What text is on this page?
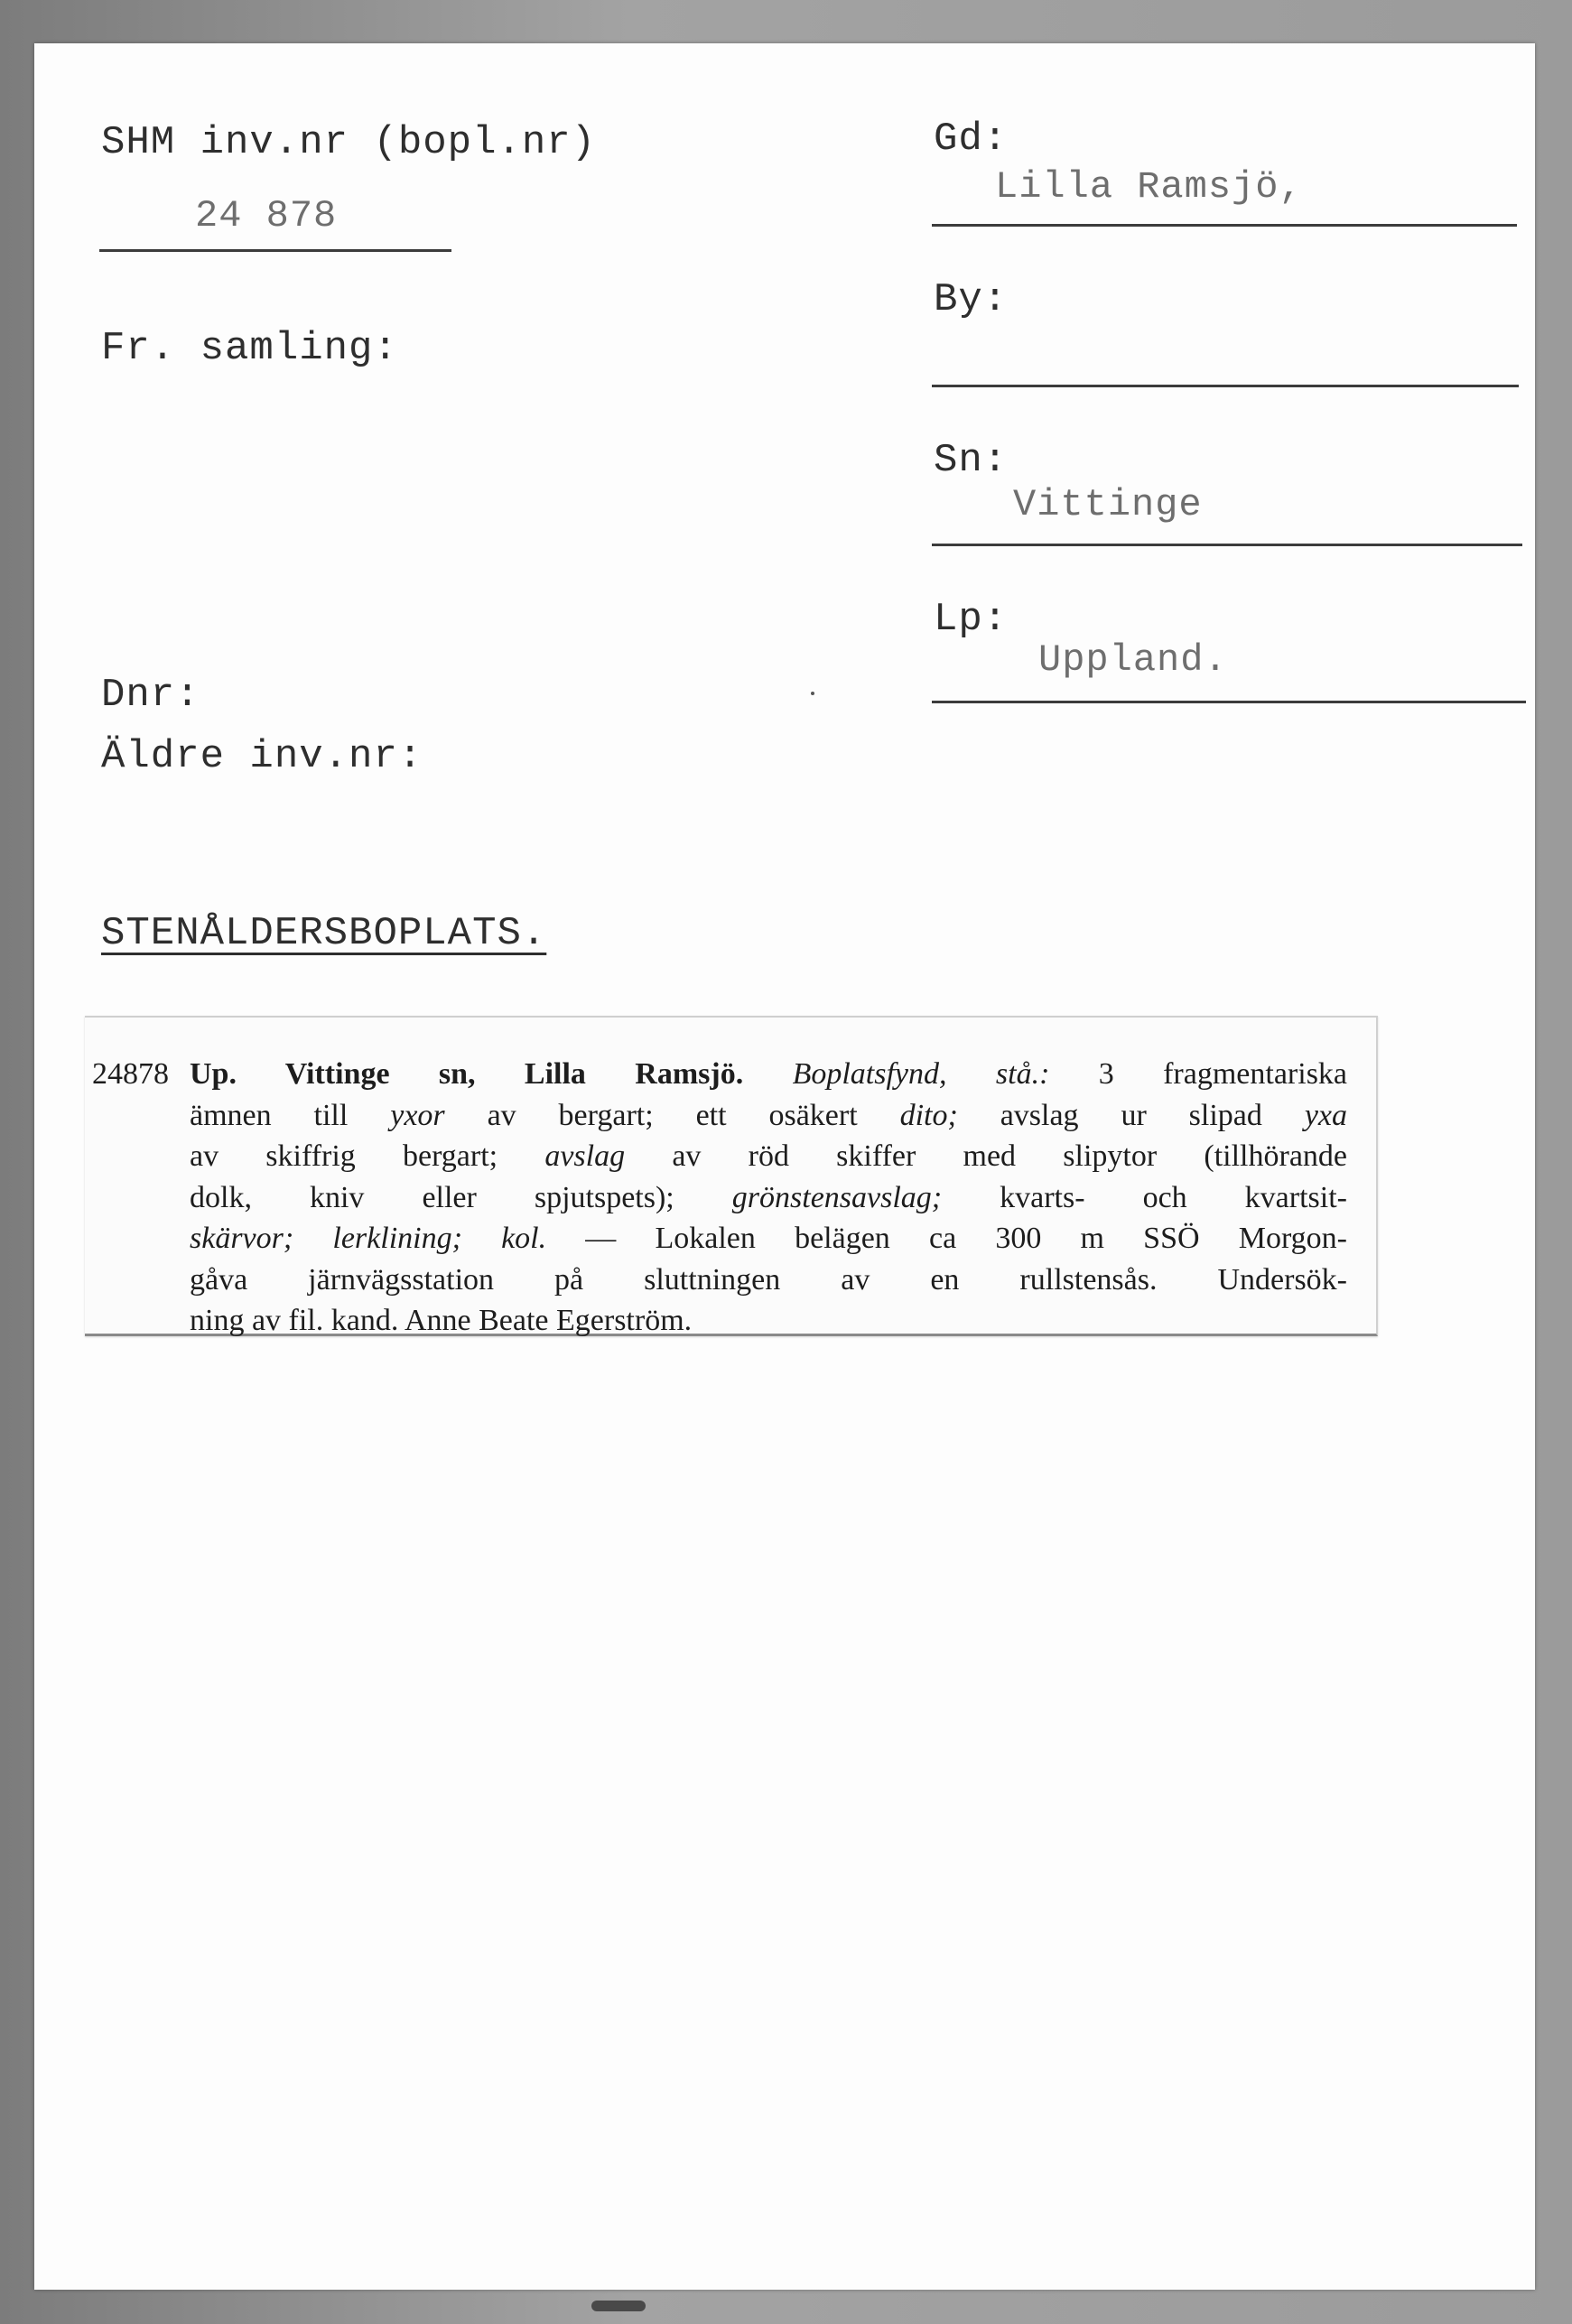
SHM inv.nr (bopl.nr)
24 878
Fr. samling:
Dnr:
Äldre inv.nr:
STENÅLDERSBOPLATS.
Gd:
Lilla Ramsjö,
By:
Sn:
Vittinge
Lp:
Uppland.
24878 Up. Vittinge sn, Lilla Ramsjö. Boplatsfynd, stå.: 3 fragmentariska
ämnen till yxor av bergart; ett osäkert dito; avslag ur slipad yxa
av skiffrig bergart; avslag av röd skiffer med slipytor (tillhörande
dolk, kniv eller spjutspets); grönstensavslag; kvarts- och kvartsit-
skärvor; lerklining; kol. — Lokalen belägen ca 300 m SSÖ Morgon-
gåva järnvägsstation på sluttningen av en rullstensås. Undersök-
ning av fil. kand. Anne Beate Egerström.
